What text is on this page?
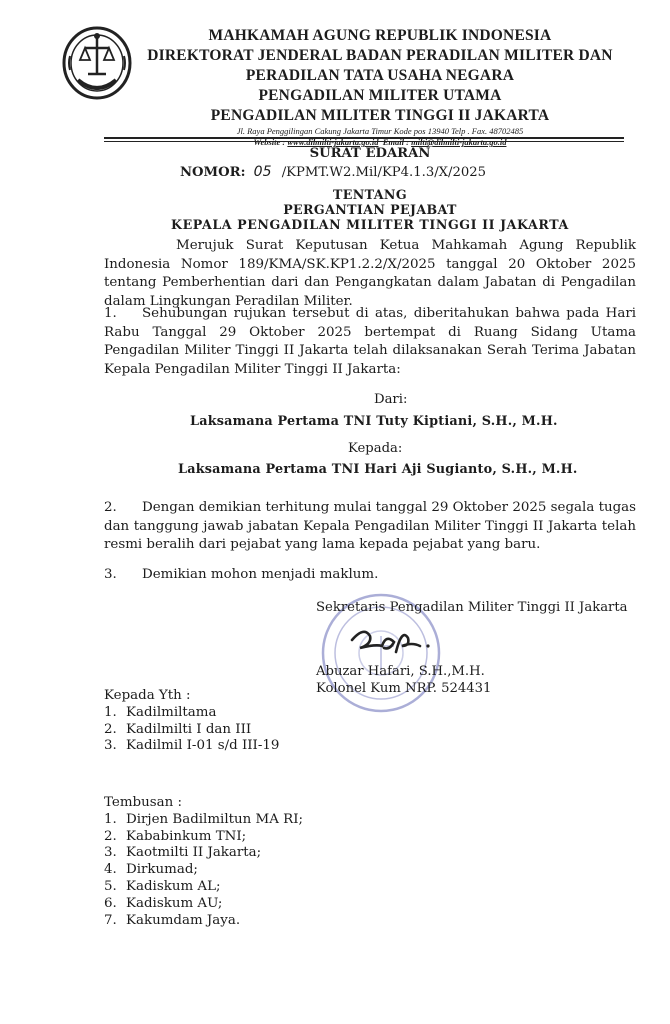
MAHKAMAH AGUNG REPUBLIK INDONESIA
DIREKTORAT JENDERAL BADAN PERADILAN MILITER DAN
PERADILAN TATA USAHA NEGARA
PENGADILAN MILITER UTAMA
PENGADILAN MILITER TINGGI II JAKARTA
Jl. Raya Penggilingan Cakung Jakarta Timur Kode pos 13940 Telp . Fax. 48702485
Website : www.dilmilti-jakarta.go.id Email : milti@dilmilti-jakarta.go.id
SURAT EDARAN
NOMOR: 05 /KPMT.W2.Mil/KP4.1.3/X/2025
TENTANG
PERGANTIAN PEJABAT
KEPALA PENGADILAN MILITER TINGGI II JAKARTA
Merujuk Surat Keputusan Ketua Mahkamah Agung Republik Indonesia Nomor 189/KMA/SK.KP1.2.2/X/2025 tanggal 20 Oktober 2025 tentang Pemberhentian dari dan Pengangkatan dalam Jabatan di Pengadilan dalam Lingkungan Peradilan Militer.
1. Sehubungan rujukan tersebut di atas, diberitahukan bahwa pada Hari Rabu Tanggal 29 Oktober 2025 bertempat di Ruang Sidang Utama Pengadilan Militer Tinggi II Jakarta telah dilaksanakan Serah Terima Jabatan Kepala Pengadilan Militer Tinggi II Jakarta:
Dari:
Laksamana Pertama TNI Tuty Kiptiani, S.H., M.H.
Kepada:
Laksamana Pertama TNI Hari Aji Sugianto, S.H., M.H.
2. Dengan demikian terhitung mulai tanggal 29 Oktober 2025 segala tugas dan tanggung jawab jabatan Kepala Pengadilan Militer Tinggi II Jakarta telah resmi beralih dari pejabat yang lama kepada pejabat yang baru.
3. Demikian mohon menjadi maklum.
Sekretaris Pengadilan Militer Tinggi II Jakarta
Abuzar Hafari, S.H.,M.H.
Kolonel Kum NRP. 524431
Kepada Yth :
1. Kadilmiltama
2. Kadilmilti I dan III
3. Kadilmil I-01 s/d III-19
Tembusan :
1. Dirjen Badilmiltun MA RI;
2. Kababinkum TNI;
3. Kaotmilti II Jakarta;
4. Dirkumad;
5. Kadiskum AL;
6. Kadiskum AU;
7. Kakumdam Jaya.
